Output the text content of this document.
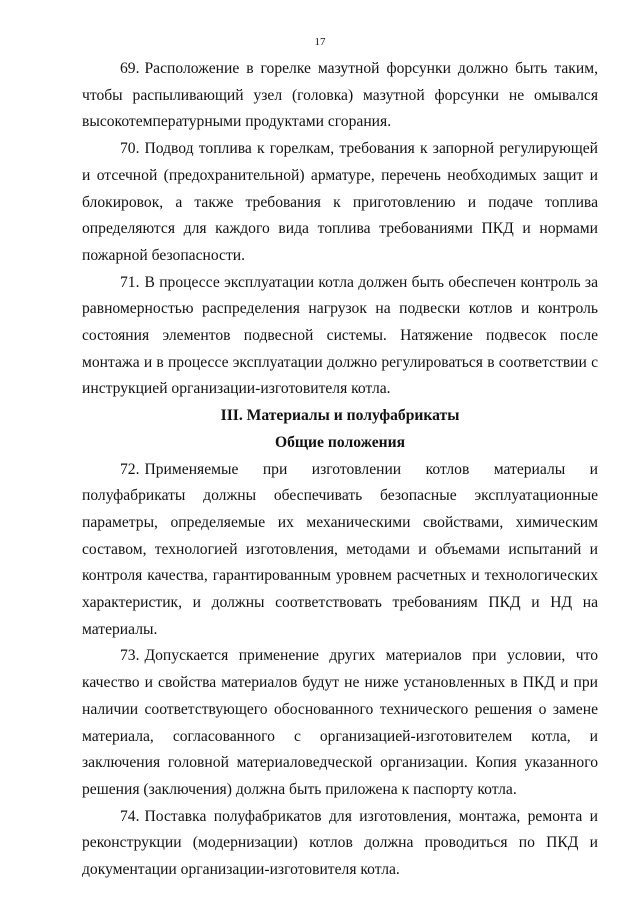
17

69. Расположение в горелке мазутной форсунки должно быть таким, чтобы распыливающий узел (головка) мазутной форсунки не омывался высокотемпературными продуктами сгорания.

70. Подвод топлива к горелкам, требования к запорной регулирующей и отсечной (предохранительной) арматуре, перечень необходимых защит и блокировок, а также требования к приготовлению и подаче топлива определяются для каждого вида топлива требованиями ПКД и нормами пожарной безопасности.

71. В процессе эксплуатации котла должен быть обеспечен контроль за равномерностью распределения нагрузок на подвески котлов и контроль состояния элементов подвесной системы. Натяжение подвесок после монтажа и в процессе эксплуатации должно регулироваться в соответствии с инструкцией организации-изготовителя котла.

III. Материалы и полуфабрикаты

Общие положения

72. Применяемые при изготовлении котлов материалы и полуфабрикаты должны обеспечивать безопасные эксплуатационные параметры, определяемые их механическими свойствами, химическим составом, технологией изготовления, методами и объемами испытаний и контроля качества, гарантированным уровнем расчетных и технологических характеристик, и должны соответствовать требованиям ПКД и НД на материалы.

73. Допускается применение других материалов при условии, что качество и свойства материалов будут не ниже установленных в ПКД и при наличии соответствующего обоснованного технического решения о замене материала, согласованного с организацией-изготовителем котла, и заключения головной материаловедческой организации. Копия указанного решения (заключения) должна быть приложена к паспорту котла.

74. Поставка полуфабрикатов для изготовления, монтажа, ремонта и реконструкции (модернизации) котлов должна проводиться по ПКД и документации организации-изготовителя котла.
